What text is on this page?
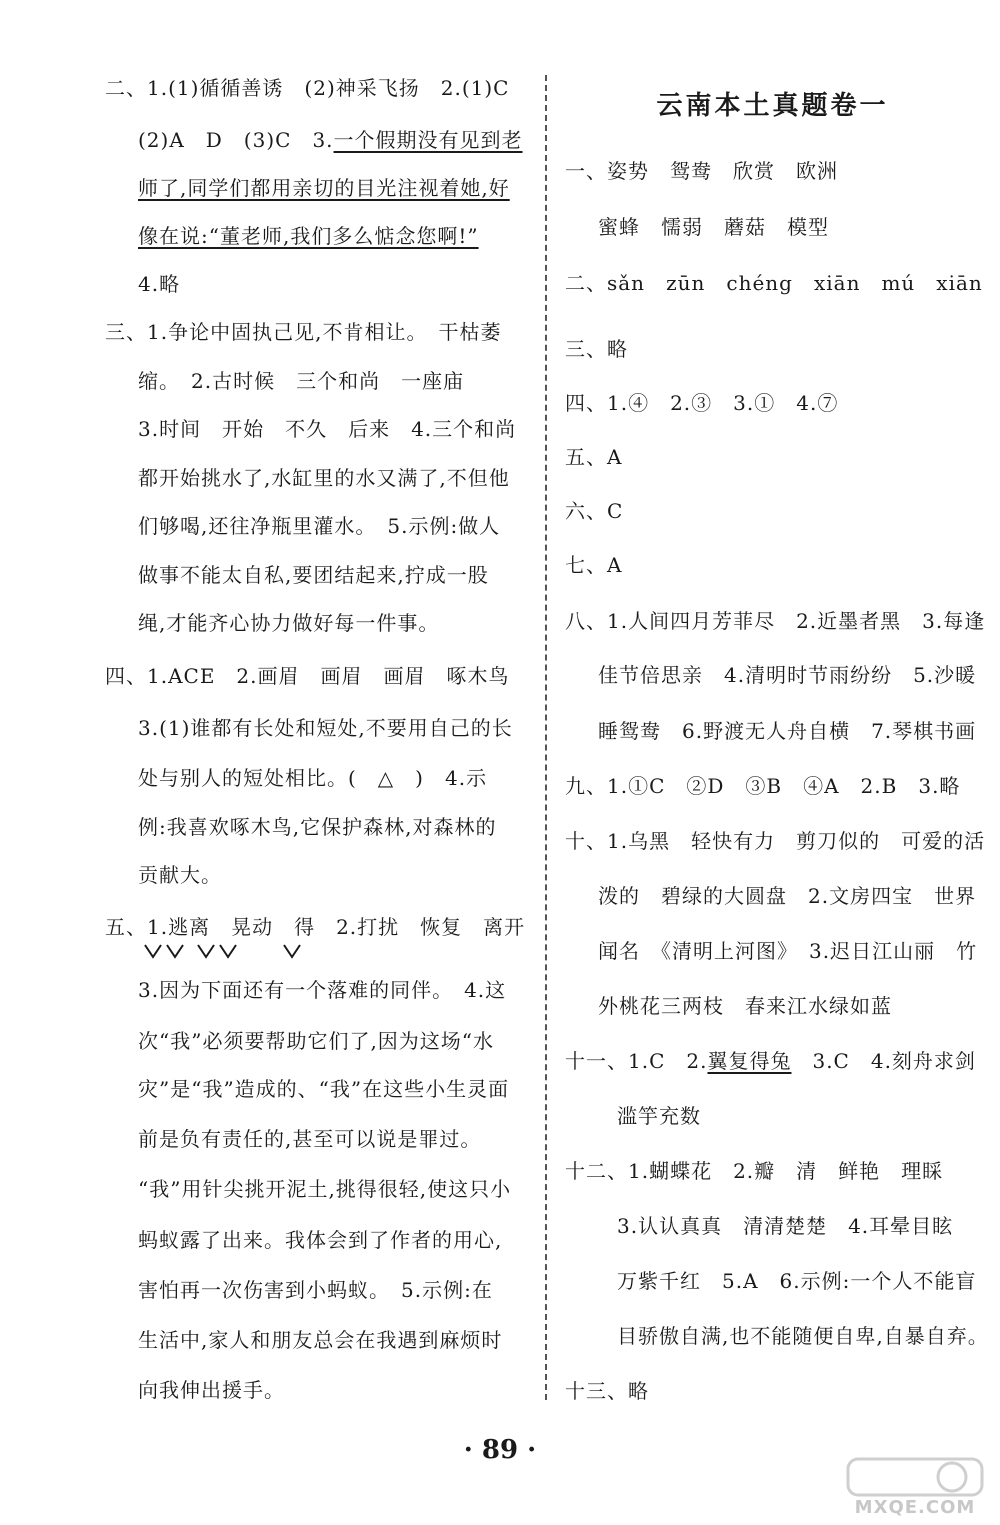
二、1.(1)循循善诱　(2)神采飞扬　2.(1)C
(2)A　D　(3)C　3.一个假期没有见到老
师了,同学们都用亲切的目光注视着她,好
像在说:“董老师,我们多么惦念您啊!”
4.略
三、1.争论中固执己见,不肯相让。　干枯萎
缩。　2.古时候　三个和尚　一座庙
3.时间　开始　不久　后来　4.三个和尚
都开始挑水了,水缸里的水又满了,不但他
们够喝,还往净瓶里灌水。　5.示例:做人
做事不能太自私,要团结起来,拧成一股
绳,才能齐心协力做好每一件事。
四、1.ACE　2.画眉　画眉　画眉　啄木鸟
3.(1)谁都有长处和短处,不要用自己的长
处与别人的短处相比。(　△　)　4.示
例:我喜欢啄木鸟,它保护森林,对森林的
贡献大。
五、1.逃离　晃动　得　2.打扰　恢复　离开
3.因为下面还有一个落难的同伴。　4.这
次“我”必须要帮助它们了,因为这场“水
灾”是“我”造成的、“我”在这些小生灵面
前是负有责任的,甚至可以说是罪过。
“我”用针尖挑开泥土,挑得很轻,使这只小
蚂蚁露了出来。我体会到了作者的用心,
害怕再一次伤害到小蚂蚁。　5.示例:在
生活中,家人和朋友总会在我遇到麻烦时
向我伸出援手。
云南本土真题卷一
一、姿势　鸳鸯　欣赏　欧洲
蜜蜂　懦弱　蘑菇　模型
二、sǎn　zūn　chéng　xiān　mú　xiān
三、略
四、1.④　2.③　3.①　4.⑦
五、A
六、C
七、A
八、1.人间四月芳菲尽　2.近墨者黑　3.每逢
佳节倍思亲　4.清明时节雨纷纷　5.沙暖
睡鸳鸯　6.野渡无人舟自横　7.琴棋书画
九、1.①C　②D　③B　④A　2.B　3.略
十、1.乌黑　轻快有力　剪刀似的　可爱的活
泼的　碧绿的大圆盘　2.文房四宝　世界
闻名　《清明上河图》　3.迟日江山丽　竹
外桃花三两枝　春来江水绿如蓝
十一、1.C　2.翼复得兔　3.C　4.刻舟求剑
滥竽充数
十二、1.蝴蝶花　2.瓣　清　鲜艳　理睬
3.认认真真　清清楚楚　4.耳晕目眩
万紫千红　5.A　6.示例:一个人不能盲
目骄傲自满,也不能随便自卑,自暴自弃。
十三、略
· 89 ·
MXQE.COM
